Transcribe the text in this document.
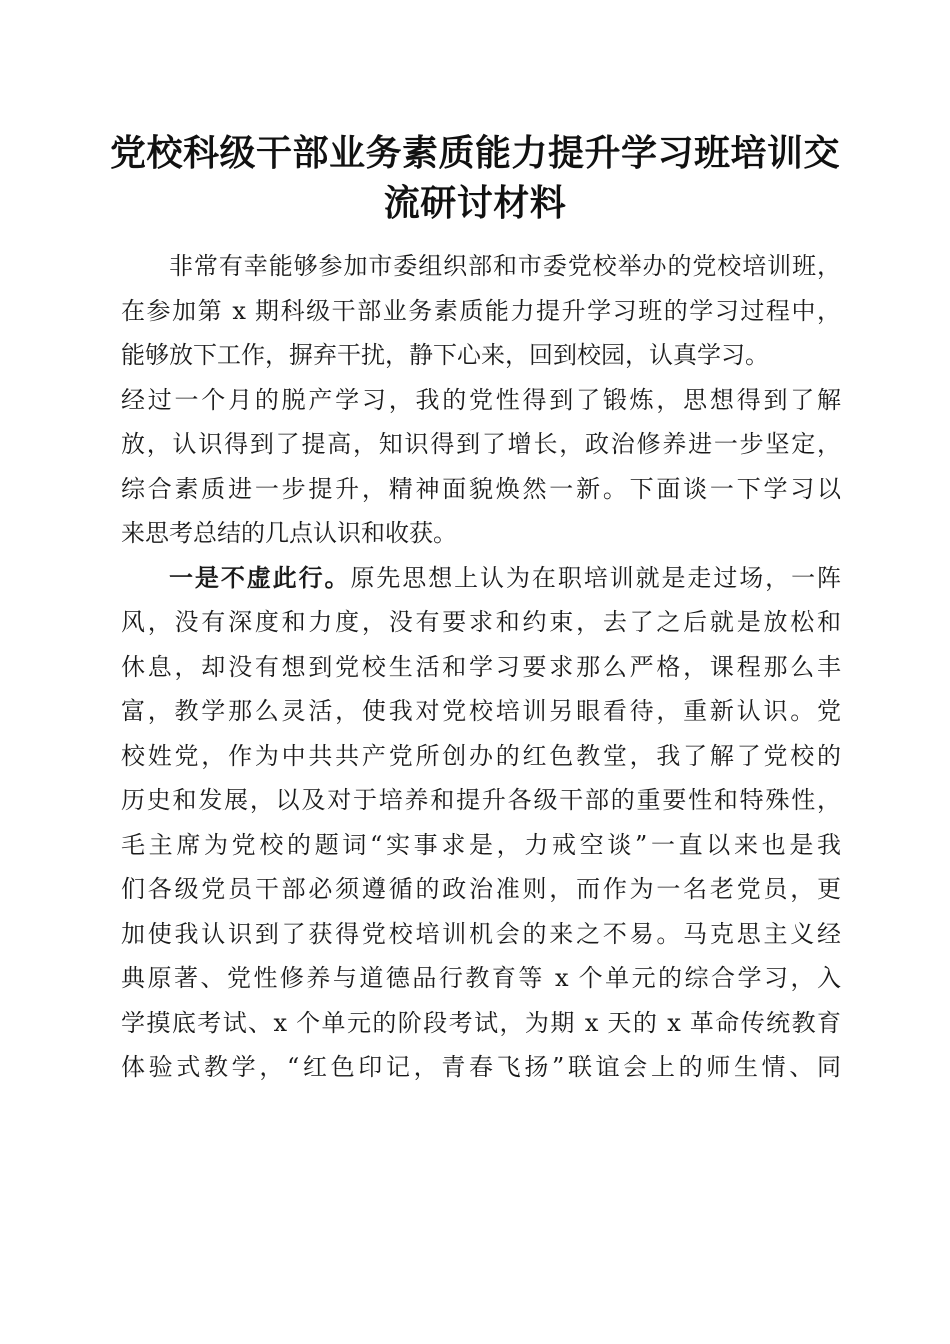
党校科级干部业务素质能力提升学习班培训交
流研讨材料
非常有幸能够参加市委组织部和市委党校举办的党校培训班，
在参加第 x 期科级干部业务素质能力提升学习班的学习过程中，
能够放下工作，摒弃干扰，静下心来，回到校园，认真学习。
经过一个月的脱产学习，我的党性得到了锻炼，思想得到了解
放，认识得到了提高，知识得到了增长，政治修养进一步坚定，
综合素质进一步提升，精神面貌焕然一新。下面谈一下学习以
来思考总结的几点认识和收获。
一是不虚此行。原先思想上认为在职培训就是走过场，一阵
风，没有深度和力度，没有要求和约束，去了之后就是放松和
休息，却没有想到党校生活和学习要求那么严格，课程那么丰
富，教学那么灵活，使我对党校培训另眼看待，重新认识。党
校姓党，作为中共共产党所创办的红色教堂，我了解了党校的
历史和发展，以及对于培养和提升各级干部的重要性和特殊性，
毛主席为党校的题词“实事求是，力戒空谈”一直以来也是我
们各级党员干部必须遵循的政治准则，而作为一名老党员，更
加使我认识到了获得党校培训机会的来之不易。马克思主义经
典原著、党性修养与道德品行教育等 x 个单元的综合学习，入
学摸底考试、x 个单元的阶段考试，为期 x 天的 x 革命传统教育
体验式教学，“红色印记，青春飞扬”联谊会上的师生情、同
